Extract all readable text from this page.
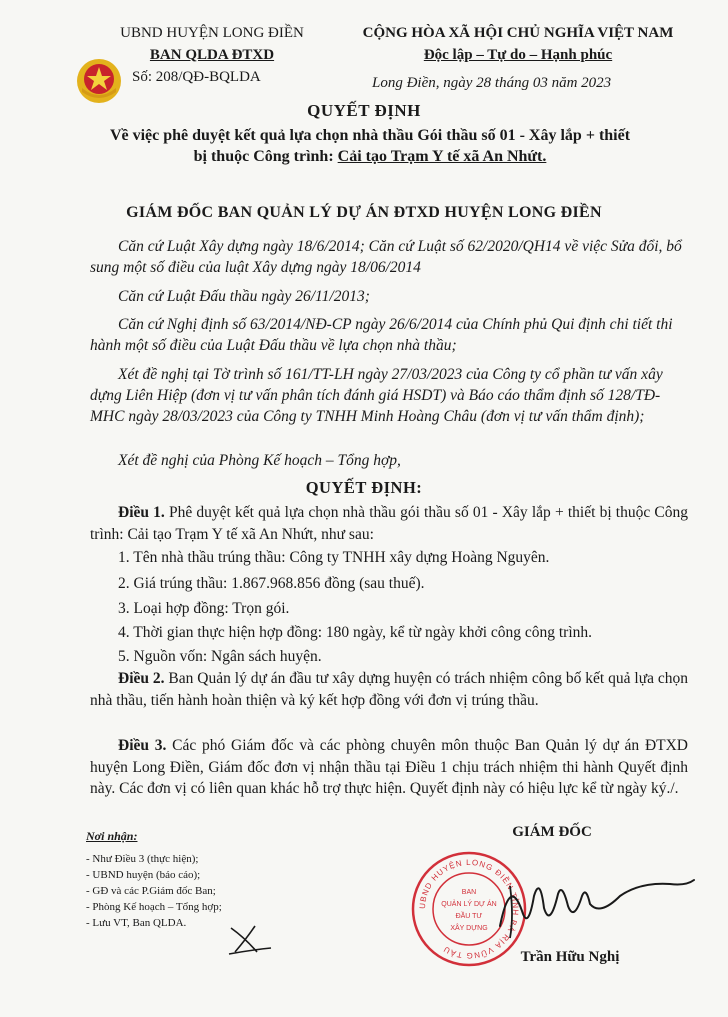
UBND HUYỆN LONG ĐIỀN
BAN QLDA ĐTXD
Số: 208/QĐ-BQLDA
CỘNG HÒA XÃ HỘI CHỦ NGHĨA VIỆT NAM
Độc lập – Tự do – Hạnh phúc
Long Điền, ngày 28 tháng 03 năm 2023
QUYẾT ĐỊNH
Về việc phê duyệt kết quả lựa chọn nhà thầu Gói thầu số 01 - Xây lắp + thiết
bị thuộc Công trình: Cải tạo Trạm Y tế xã An Nhứt.
GIÁM ĐỐC BAN QUẢN LÝ DỰ ÁN ĐTXD HUYỆN LONG ĐIỀN
Căn cứ Luật Xây dựng ngày 18/6/2014; Căn cứ Luật số 62/2020/QH14 về việc Sửa đổi, bổ sung một số điều của luật Xây dựng ngày 18/06/2014
Căn cứ Luật Đấu thầu ngày 26/11/2013;
Căn cứ Nghị định số 63/2014/NĐ-CP ngày 26/6/2014 của Chính phủ Qui định chi tiết thi hành một số điều của Luật Đấu thầu về lựa chọn nhà thầu;
Xét đề nghị tại Tờ trình số 161/TT-LH ngày 27/03/2023 của Công ty cổ phần tư vấn xây dựng Liên Hiệp (đơn vị tư vấn phân tích đánh giá HSDT) và Báo cáo thẩm định số 128/TĐ-MHC ngày 28/03/2023 của Công ty TNHH Minh Hoàng Châu (đơn vị tư vấn thẩm định);
Xét đề nghị của Phòng Kế hoạch – Tổng hợp,
QUYẾT ĐỊNH:
Điều 1. Phê duyệt kết quả lựa chọn nhà thầu gói thầu số 01 - Xây lắp + thiết bị thuộc Công trình: Cải tạo Trạm Y tế xã An Nhứt, như sau:
1. Tên nhà thầu trúng thầu: Công ty TNHH xây dựng Hoàng Nguyên.
2. Giá trúng thầu: 1.867.968.856 đồng (sau thuế).
3. Loại hợp đồng: Trọn gói.
4. Thời gian thực hiện hợp đồng: 180 ngày, kể từ ngày khởi công công trình.
5. Nguồn vốn: Ngân sách huyện.
Điều 2. Ban Quản lý dự án đầu tư xây dựng huyện có trách nhiệm công bố kết quả lựa chọn nhà thầu, tiến hành hoàn thiện và ký kết hợp đồng với đơn vị trúng thầu.
Điều 3. Các phó Giám đốc và các phòng chuyên môn thuộc Ban Quản lý dự án ĐTXD huyện Long Điền, Giám đốc đơn vị nhận thầu tại Điều 1 chịu trách nhiệm thi hành Quyết định này. Các đơn vị có liên quan khác hỗ trợ thực hiện. Quyết định này có hiệu lực kể từ ngày ký./.
Nơi nhận:
- Như Điều 3 (thực hiện);
- UBND huyện (báo cáo);
- GĐ và các P.Giám đốc Ban;
- Phòng Kế hoạch – Tổng hợp;
- Lưu VT, Ban QLDA.
GIÁM ĐỐC
UBND HUYỆN LONG ĐIỀN TỈNH BÀ RỊA VŨNG TÀU
BAN
QUẢN LÝ DỰ ÁN
ĐẦU TƯ
XÂY DỰNG
Trần Hữu Nghị
